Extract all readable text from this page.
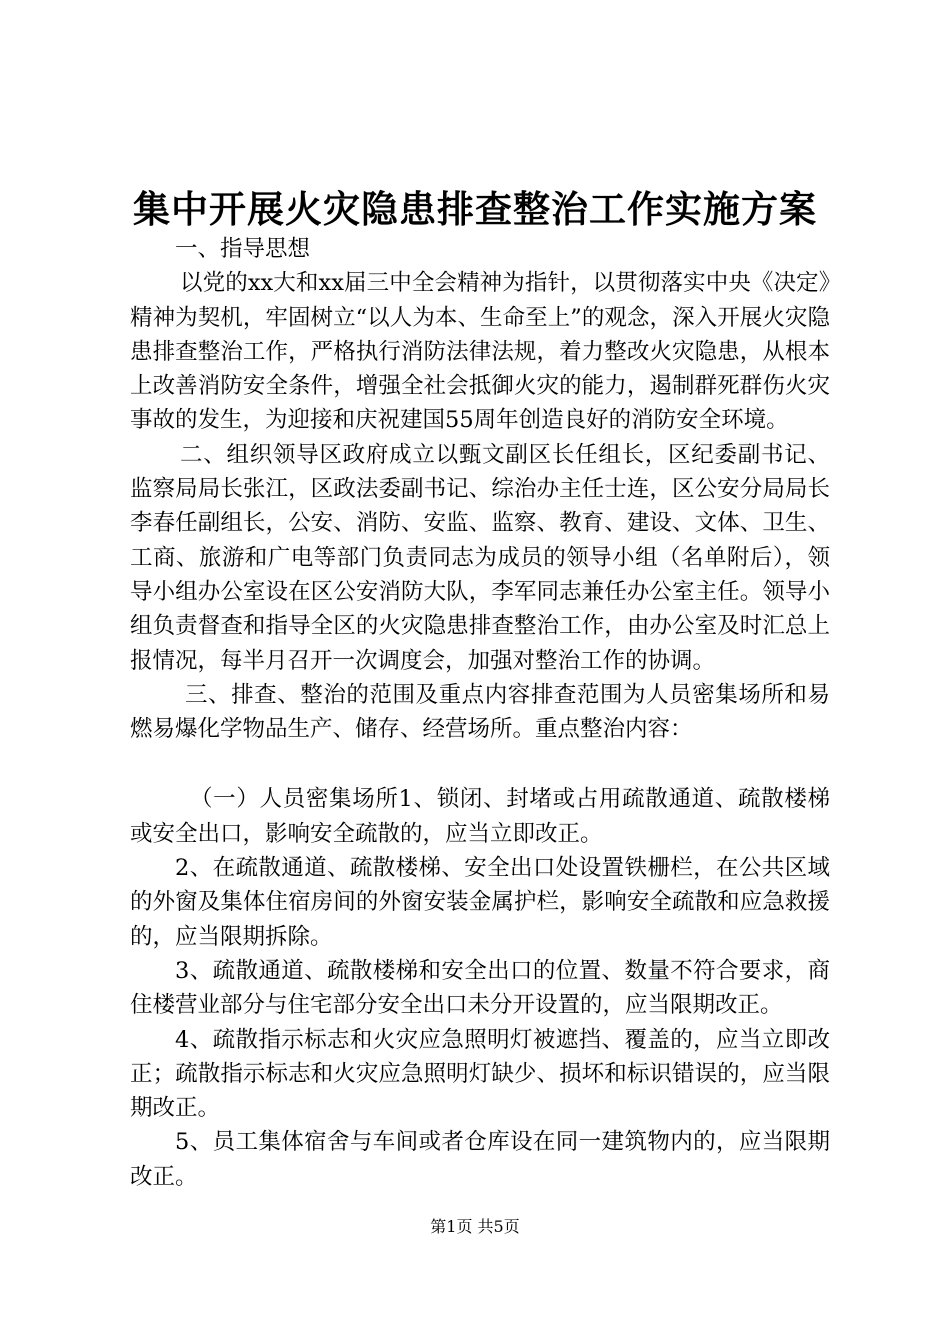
集中开展火灾隐患排查整治工作实施方案

一、指导思想

以党的xx大和xx届三中全会精神为指针，以贯彻落实中央《决定》精神为契机，牢固树立“以人为本、生命至上”的观念，深入开展火灾隐患排查整治工作，严格执行消防法律法规，着力整改火灾隐患，从根本上改善消防安全条件，增强全社会抵御火灾的能力，遏制群死群伤火灾事故的发生，为迎接和庆祝建国55周年创造良好的消防安全环境。

二、组织领导区政府成立以甄文副区长任组长，区纪委副书记、监察局局长张江，区政法委副书记、综治办主任士连，区公安分局局长李春任副组长，公安、消防、安监、监察、教育、建设、文体、卫生、工商、旅游和广电等部门负责同志为成员的领导小组（名单附后），领导小组办公室设在区公安消防大队，李军同志兼任办公室主任。领导小组负责督查和指导全区的火灾隐患排查整治工作，由办公室及时汇总上报情况，每半月召开一次调度会，加强对整治工作的协调。

三、排查、整治的范围及重点内容排查范围为人员密集场所和易燃易爆化学物品生产、储存、经营场所。重点整治内容：

（一）人员密集场所1、锁闭、封堵或占用疏散通道、疏散楼梯或安全出口，影响安全疏散的，应当立即改正。

2、在疏散通道、疏散楼梯、安全出口处设置铁栅栏，在公共区域的外窗及集体住宿房间的外窗安装金属护栏，影响安全疏散和应急救援的，应当限期拆除。

3、疏散通道、疏散楼梯和安全出口的位置、数量不符合要求，商住楼营业部分与住宅部分安全出口未分开设置的，应当限期改正。

4、疏散指示标志和火灾应急照明灯被遮挡、覆盖的，应当立即改正；疏散指示标志和火灾应急照明灯缺少、损坏和标识错误的，应当限期改正。

5、员工集体宿舍与车间或者仓库设在同一建筑物内的，应当限期改正。

第1页 共5页
